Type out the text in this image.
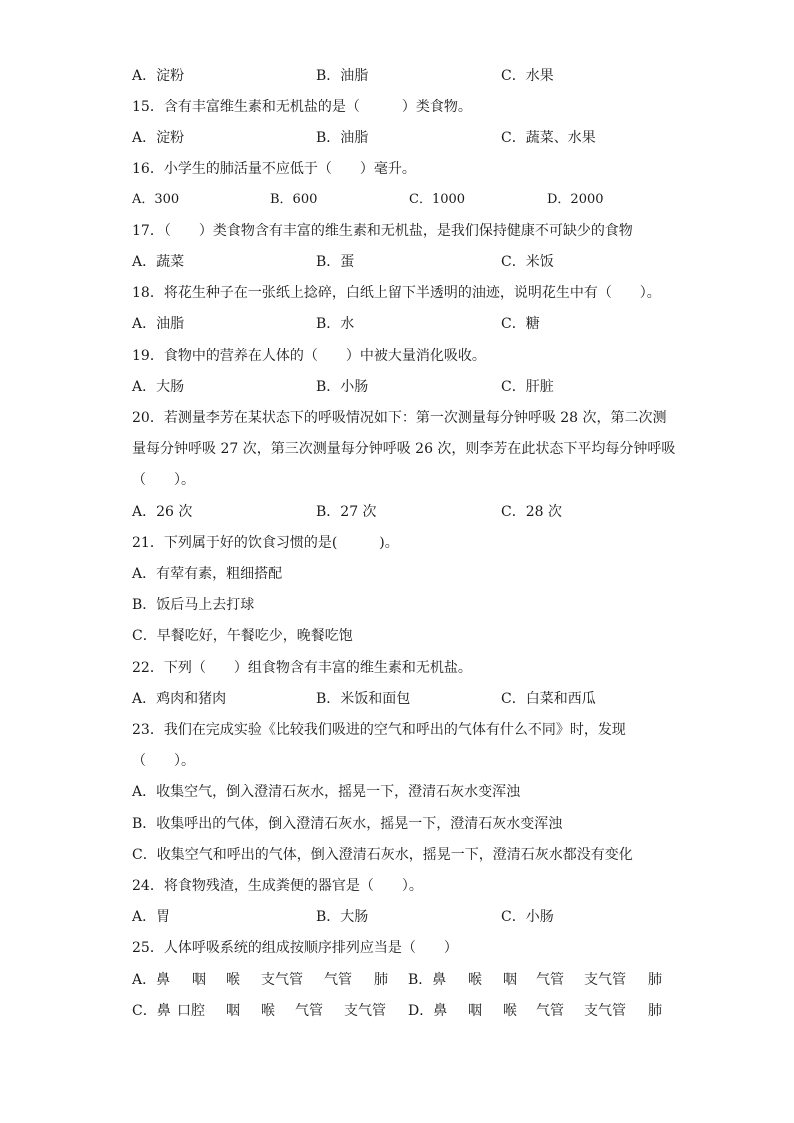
A．淀粉	B．油脂	C．水果
15．含有丰富维生素和无机盐的是（　　　）类食物。
A．淀粉	B．油脂	C．蔬菜、水果
16．小学生的肺活量不应低于（　　）毫升。
A．300	B．600	C．1000	D．2000
17．（　　）类食物含有丰富的维生素和无机盐，是我们保持健康不可缺少的食物
A．蔬菜	B．蛋	C．米饭
18．将花生种子在一张纸上捻碎，白纸上留下半透明的油迹，说明花生中有（　　）。
A．油脂	B．水	C．糖
19．食物中的营养在人体的（　　）中被大量消化吸收。
A．大肠	B．小肠	C．肝脏
20．若测量李芳在某状态下的呼吸情况如下：第一次测量每分钟呼吸 28 次，第二次测
量每分钟呼吸 27 次，第三次测量每分钟呼吸 26 次，则李芳在此状态下平均每分钟呼吸
（　　）。
A．26 次	B．27 次	C．28 次
21．下列属于好的饮食习惯的是(　　　)。
A．有荤有素，粗细搭配
B．饭后马上去打球
C．早餐吃好，午餐吃少，晚餐吃饱
22．下列（　　）组食物含有丰富的维生素和无机盐。
A．鸡肉和猪肉	B．米饭和面包	C．白菜和西瓜
23．我们在完成实验《比较我们吸进的空气和呼出的气体有什么不同》时，发现
（　　）。
A．收集空气，倒入澄清石灰水，摇晃一下，澄清石灰水变浑浊
B．收集呼出的气体，倒入澄清石灰水，摇晃一下，澄清石灰水变浑浊
C．收集空气和呼出的气体，倒入澄清石灰水，摇晃一下，澄清石灰水都没有变化
24．将食物残渣，生成粪便的器官是（　　）。
A．胃	B．大肠	C．小肠
25．人体呼吸系统的组成按顺序排列应当是（　　）
A．鼻 咽 喉 支气管 气管 肺 B．鼻 喉 咽 气管 支气管 肺
C．鼻 口腔 咽 喉 气管 支气管 D．鼻 咽 喉 气管 支气管 肺
